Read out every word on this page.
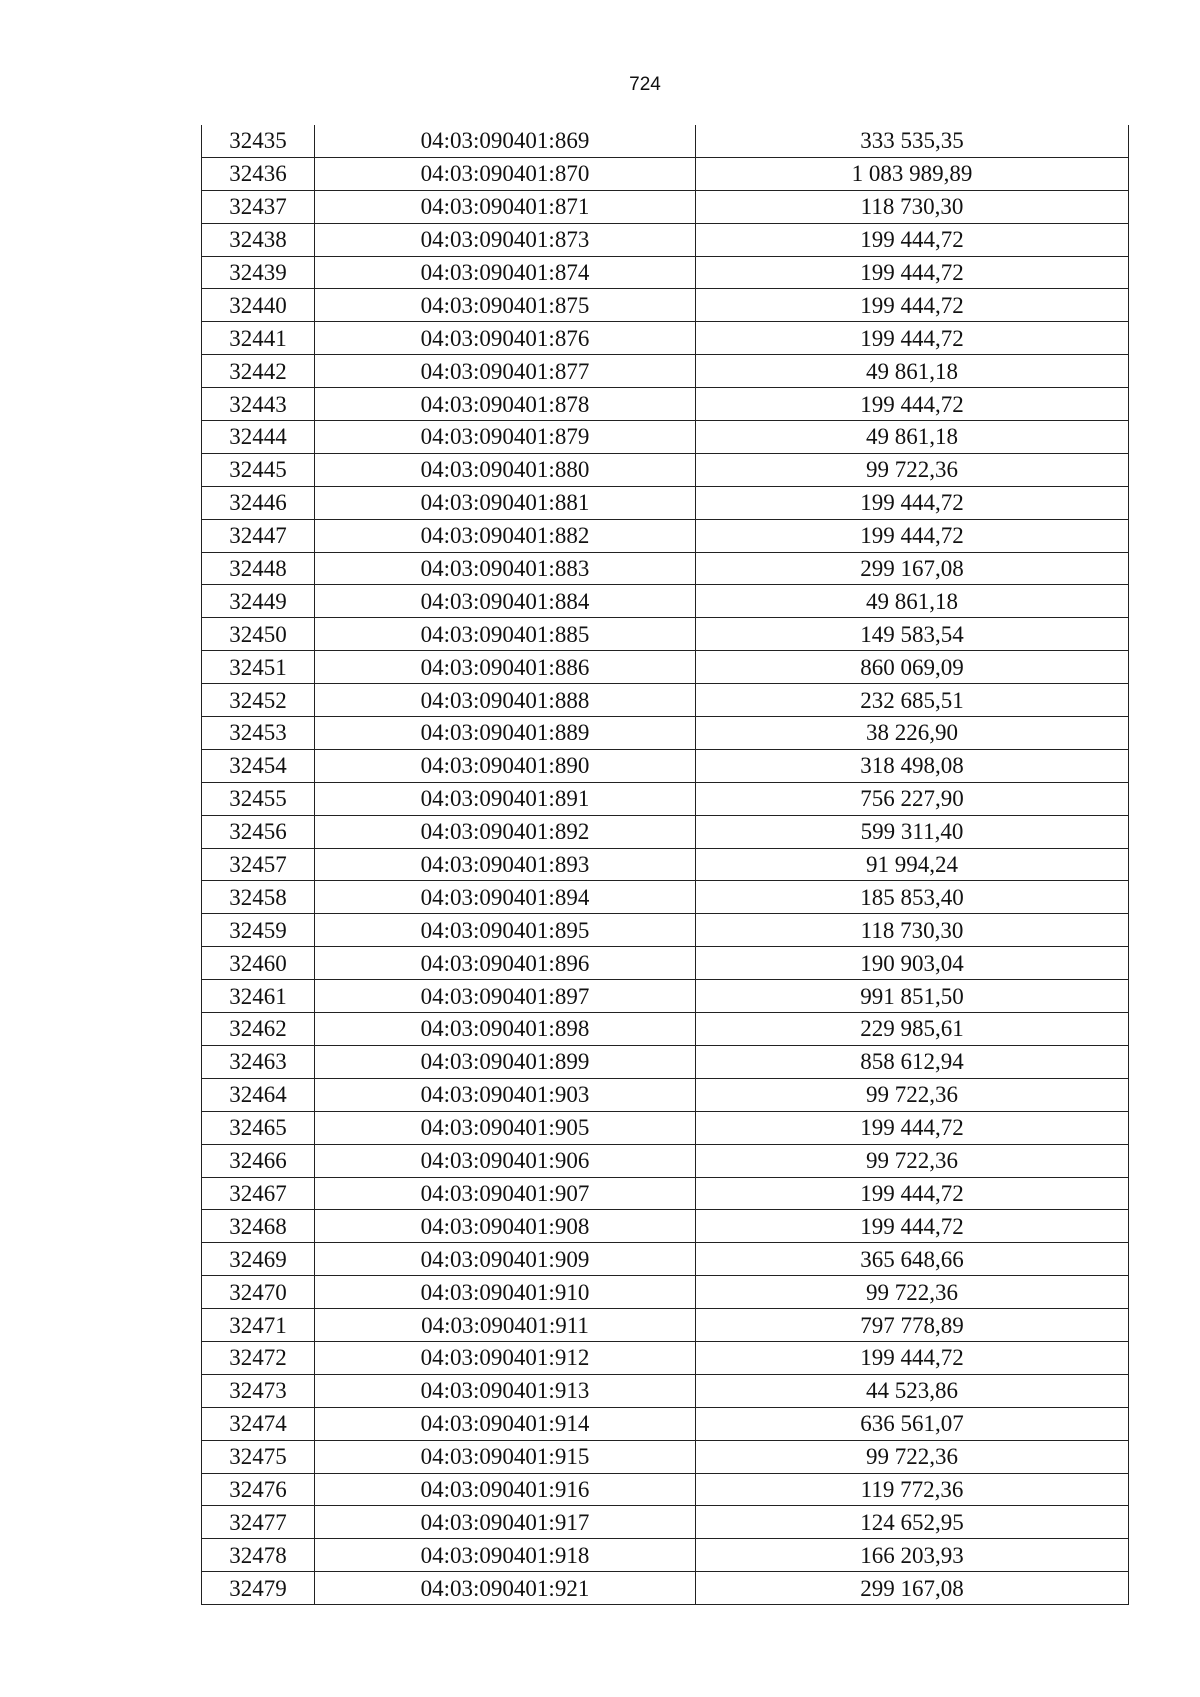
724
32435	04:03:090401:869	333 535,35
32436	04:03:090401:870	1 083 989,89
32437	04:03:090401:871	118 730,30
32438	04:03:090401:873	199 444,72
32439	04:03:090401:874	199 444,72
32440	04:03:090401:875	199 444,72
32441	04:03:090401:876	199 444,72
32442	04:03:090401:877	49 861,18
32443	04:03:090401:878	199 444,72
32444	04:03:090401:879	49 861,18
32445	04:03:090401:880	99 722,36
32446	04:03:090401:881	199 444,72
32447	04:03:090401:882	199 444,72
32448	04:03:090401:883	299 167,08
32449	04:03:090401:884	49 861,18
32450	04:03:090401:885	149 583,54
32451	04:03:090401:886	860 069,09
32452	04:03:090401:888	232 685,51
32453	04:03:090401:889	38 226,90
32454	04:03:090401:890	318 498,08
32455	04:03:090401:891	756 227,90
32456	04:03:090401:892	599 311,40
32457	04:03:090401:893	91 994,24
32458	04:03:090401:894	185 853,40
32459	04:03:090401:895	118 730,30
32460	04:03:090401:896	190 903,04
32461	04:03:090401:897	991 851,50
32462	04:03:090401:898	229 985,61
32463	04:03:090401:899	858 612,94
32464	04:03:090401:903	99 722,36
32465	04:03:090401:905	199 444,72
32466	04:03:090401:906	99 722,36
32467	04:03:090401:907	199 444,72
32468	04:03:090401:908	199 444,72
32469	04:03:090401:909	365 648,66
32470	04:03:090401:910	99 722,36
32471	04:03:090401:911	797 778,89
32472	04:03:090401:912	199 444,72
32473	04:03:090401:913	44 523,86
32474	04:03:090401:914	636 561,07
32475	04:03:090401:915	99 722,36
32476	04:03:090401:916	119 772,36
32477	04:03:090401:917	124 652,95
32478	04:03:090401:918	166 203,93
32479	04:03:090401:921	299 167,08
